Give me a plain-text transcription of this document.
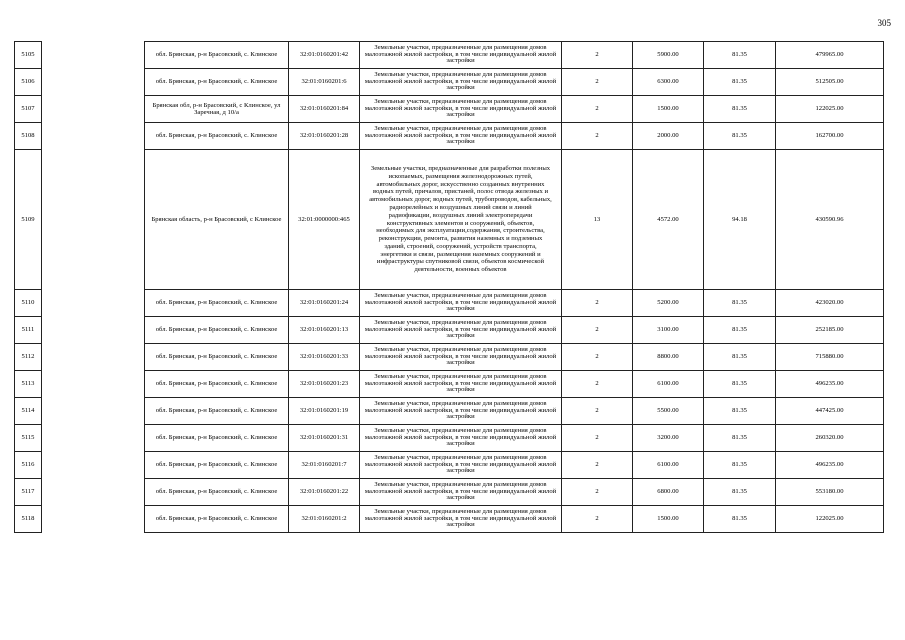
305
5105		обл. Брянская, р-н Брасовский, с. Клинское	32:01:0160201:42	Земельные участки, предназначенные для размещения домов малоэтажной жилой застройки, в том числе индивидуальной жилой застройки	2	5900.00	81.35	479965.00
5106		обл. Брянская, р-н Брасовский, с. Клинское	32:01:0160201:6	Земельные участки, предназначенные для размещения домов малоэтажной жилой застройки, в том числе индивидуальной жилой застройки	2	6300.00	81.35	512505.00
5107		Брянская обл, р-н Брасовский, с Клинское, ул Заречная, д 10/а	32:01:0160201:84	Земельные участки, предназначенные для размещения домов малоэтажной жилой застройки, в том числе индивидуальной жилой застройки	2	1500.00	81.35	122025.00
5108		обл. Брянская, р-н Брасовский, с. Клинское	32:01:0160201:28	Земельные участки, предназначенные для размещения домов малоэтажной жилой застройки, в том числе индивидуальной жилой застройки	2	2000.00	81.35	162700.00
5109		Брянская область, р-н Брасовский, с Клинское	32:01:0000000:465	Земельные участки, предназначенные для разработки полезных ископаемых, размещения железнодорожных путей, автомобильных дорог, искусственно созданных внутренних водных путей, причалов, пристаней, полос отвода железных и автомобильных дорог, водных путей, трубопроводов, кабельных, радиорелейных и воздушных линий связи и линий радиофикации, воздушных линий электропередачи конструктивных элементов и сооружений, объектов, необходимых для эксплуатации,содержания, строительства, реконструкции, ремонта, развития наземных и подземных зданий, строений, сооружений, устройств транспорта, энергетики и связи, размещения наземных сооружений и инфраструктуры спутниковой связи, объектов космической деятельности, военных объектов	13	4572.00	94.18	430590.96
5110		обл. Брянская, р-н Брасовский, с. Клинское	32:01:0160201:24	Земельные участки, предназначенные для размещения домов малоэтажной жилой застройки, в том числе индивидуальной жилой застройки	2	5200.00	81.35	423020.00
5111		обл. Брянская, р-н Брасовский, с. Клинское	32:01:0160201:13	Земельные участки, предназначенные для размещения домов малоэтажной жилой застройки, в том числе индивидуальной жилой застройки	2	3100.00	81.35	252185.00
5112		обл. Брянская, р-н Брасовский, с. Клинское	32:01:0160201:33	Земельные участки, предназначенные для размещения домов малоэтажной жилой застройки, в том числе индивидуальной жилой застройки	2	8800.00	81.35	715880.00
5113		обл. Брянская, р-н Брасовский, с. Клинское	32:01:0160201:23	Земельные участки, предназначенные для размещения домов малоэтажной жилой застройки, в том числе индивидуальной жилой застройки	2	6100.00	81.35	496235.00
5114		обл. Брянская, р-н Брасовский, с. Клинское	32:01:0160201:19	Земельные участки, предназначенные для размещения домов малоэтажной жилой застройки, в том числе индивидуальной жилой застройки	2	5500.00	81.35	447425.00
5115		обл. Брянская, р-н Брасовский, с. Клинское	32:01:0160201:31	Земельные участки, предназначенные для размещения домов малоэтажной жилой застройки, в том числе индивидуальной жилой застройки	2	3200.00	81.35	260320.00
5116		обл. Брянская, р-н Брасовский, с. Клинское	32:01:0160201:7	Земельные участки, предназначенные для размещения домов малоэтажной жилой застройки, в том числе индивидуальной жилой застройки	2	6100.00	81.35	496235.00
5117		обл. Брянская, р-н Брасовский, с. Клинское	32:01:0160201:22	Земельные участки, предназначенные для размещения домов малоэтажной жилой застройки, в том числе индивидуальной жилой застройки	2	6800.00	81.35	553180.00
5118		обл. Брянская, р-н Брасовский, с. Клинское	32:01:0160201:2	Земельные участки, предназначенные для размещения домов малоэтажной жилой застройки, в том числе индивидуальной жилой застройки	2	1500.00	81.35	122025.00
